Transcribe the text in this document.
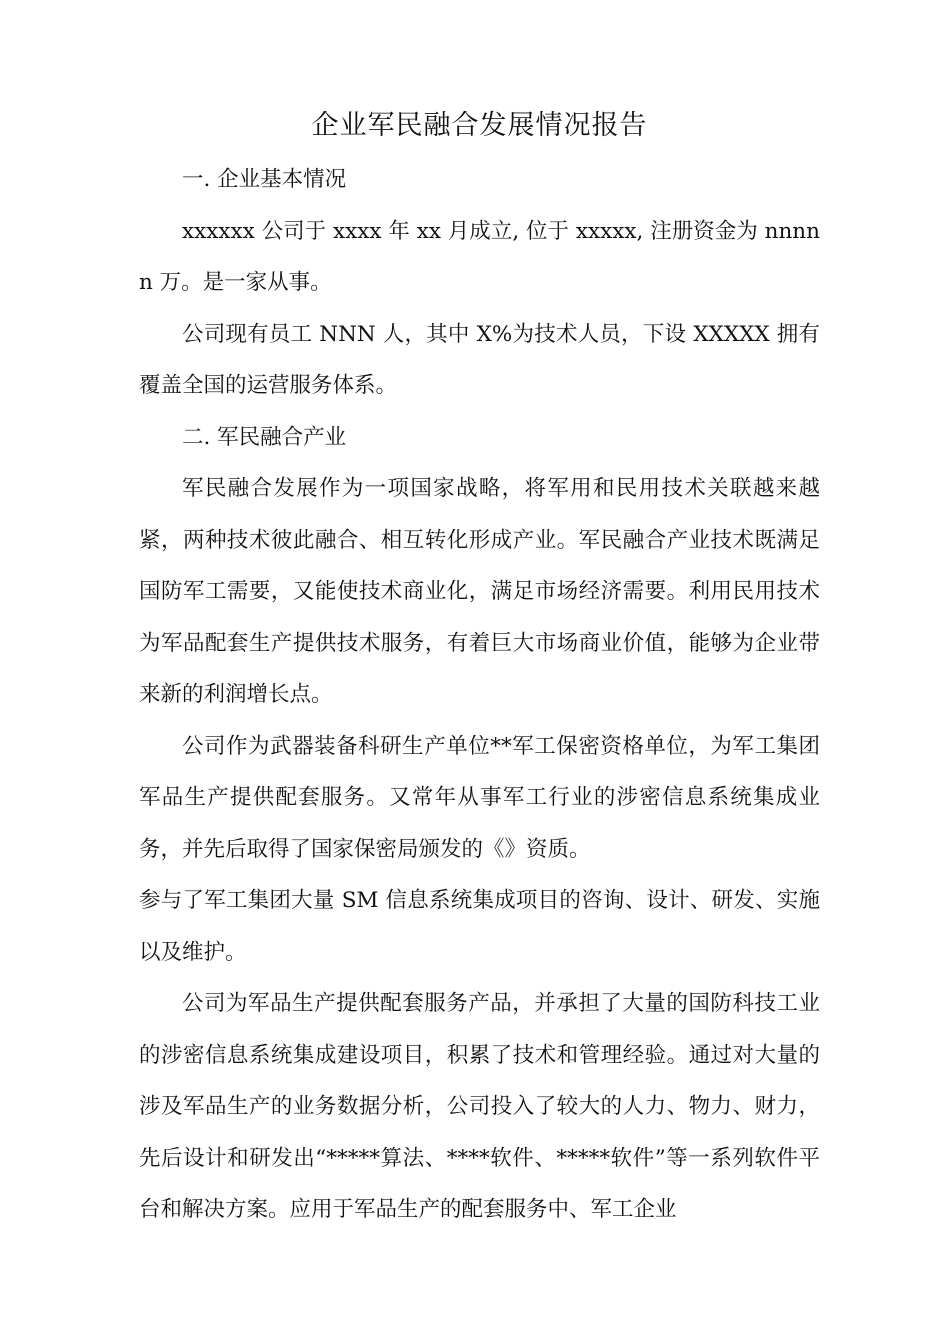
企业军民融合发展情况报告

一. 企业基本情况

xxxxxx 公司于 xxxx 年 xx 月成立, 位于 xxxxx, 注册资金为 nnnnn 万。是一家从事。

公司现有员工 NNN 人，其中 X%为技术人员，下设 XXXXX 拥有覆盖全国的运营服务体系。

二. 军民融合产业

军民融合发展作为一项国家战略，将军用和民用技术关联越来越紧，两种技术彼此融合、相互转化形成产业。军民融合产业技术既满足国防军工需要，又能使技术商业化，满足市场经济需要。利用民用技术为军品配套生产提供技术服务，有着巨大市场商业价值，能够为企业带来新的利润增长点。

公司作为武器装备科研生产单位**军工保密资格单位，为军工集团军品生产提供配套服务。又常年从事军工行业的涉密信息系统集成业务，并先后取得了国家保密局颁发的《》资质。

参与了军工集团大量 SM 信息系统集成项目的咨询、设计、研发、实施以及维护。

公司为军品生产提供配套服务产品，并承担了大量的国防科技工业的涉密信息系统集成建设项目，积累了技术和管理经验。通过对大量的涉及军品生产的业务数据分析，公司投入了较大的人力、物力、财力，先后设计和研发出“*****算法、****软件、*****软件”等一系列软件平台和解决方案。应用于军品生产的配套服务中、军工企业
